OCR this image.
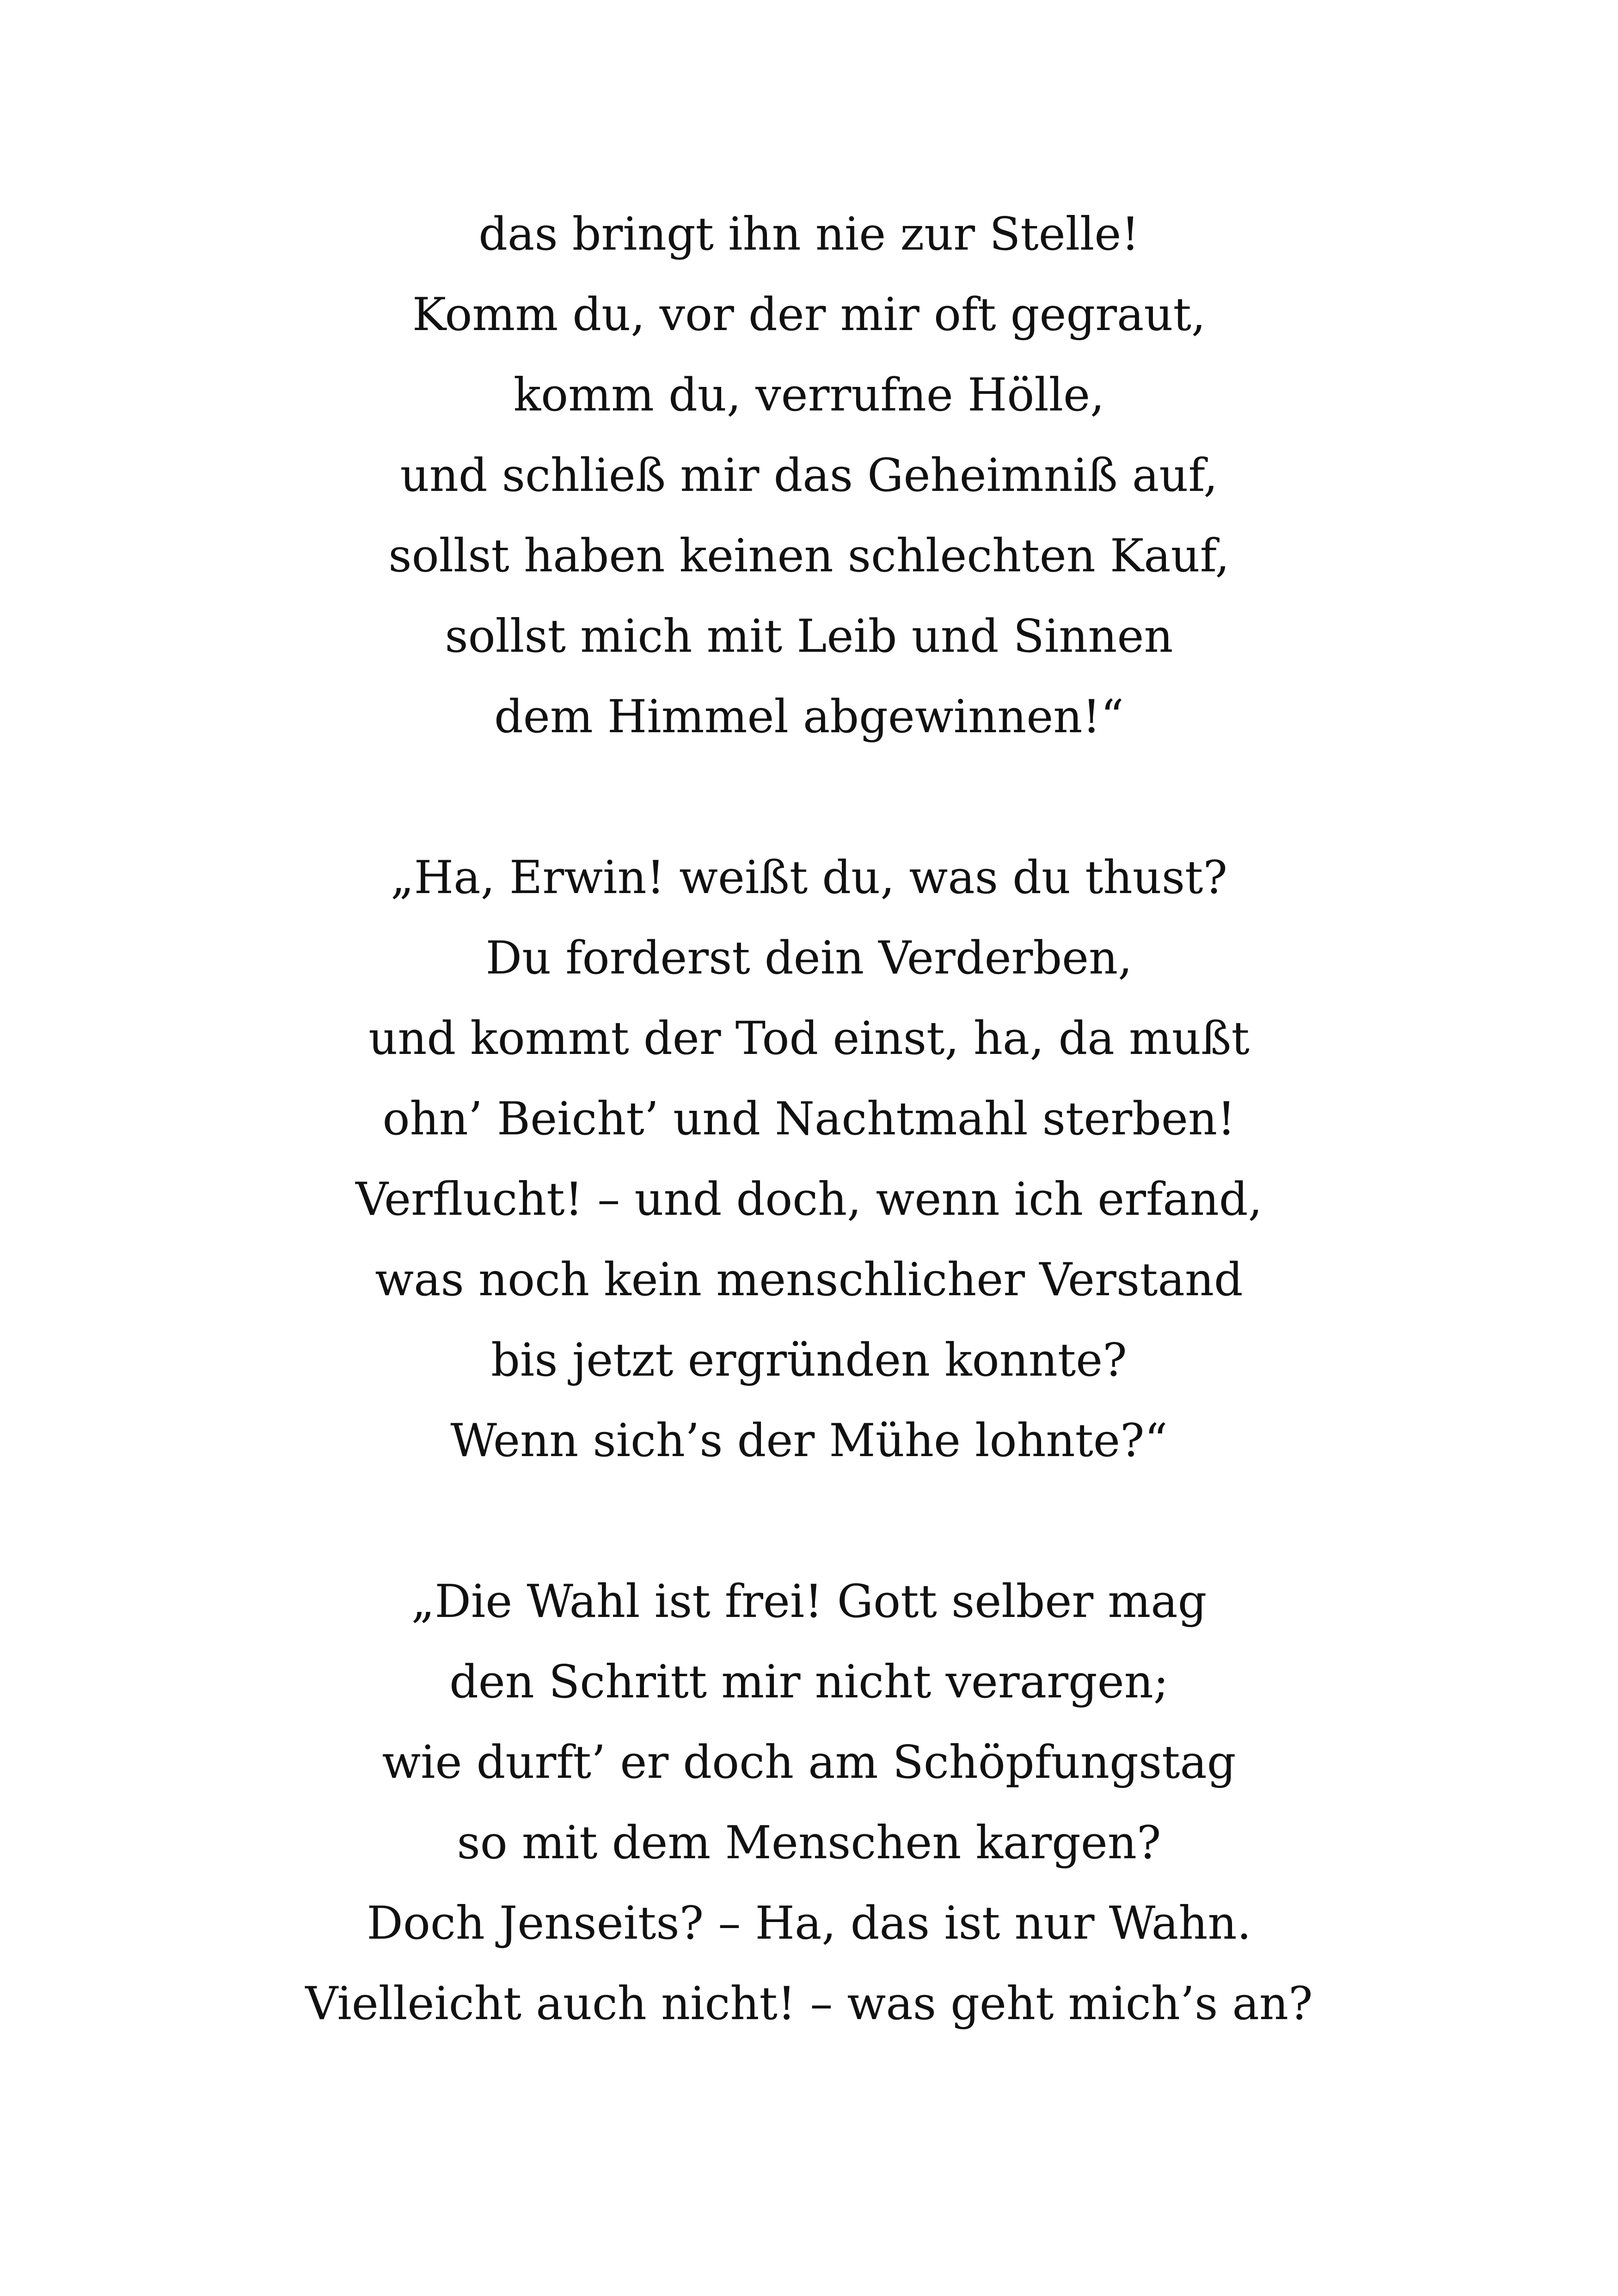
das bringt ihn nie zur Stelle!
Komm du, vor der mir oft gegraut,
komm du, verrufne Hölle,
und schließ mir das Geheimniß auf,
sollst haben keinen schlechten Kauf,
sollst mich mit Leib und Sinnen
dem Himmel abgewinnen!“
„Ha, Erwin! weißt du, was du thust?
Du forderst dein Verderben,
und kommt der Tod einst, ha, da mußt
ohn’ Beicht’ und Nachtmahl sterben!
Verflucht! – und doch, wenn ich erfand,
was noch kein menschlicher Verstand
bis jetzt ergründen konnte?
Wenn sich’s der Mühe lohnte?“
„Die Wahl ist frei! Gott selber mag
den Schritt mir nicht verargen;
wie durft’ er doch am Schöpfungstag
so mit dem Menschen kargen?
Doch Jenseits? – Ha, das ist nur Wahn.
Vielleicht auch nicht! – was geht mich’s an?
